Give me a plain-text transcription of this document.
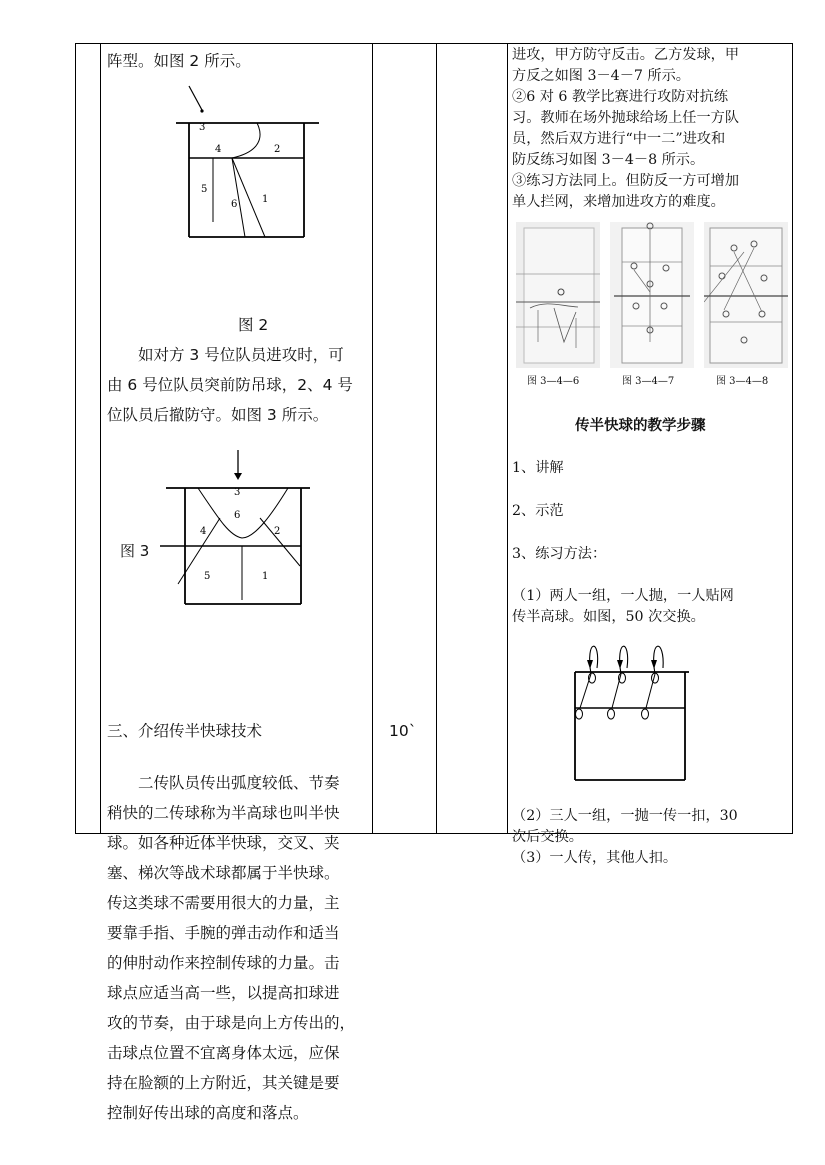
阵型。如图 2 所示。
3
4	2
5
6 1
图 2

如对方 3 号位队员进攻时，可

由 6 号位队员突前防吊球，2、4 号

位队员后撤防守。如图 3 所示。

图 3
3
6
4	2
5	1
三、介绍传半快球技术	10`

二传队员传出弧度较低、节奏

稍快的二传球称为半高球也叫半快

球。如各种近体半快球，交叉、夹

塞、梯次等战术球都属于半快球。

传这类球不需要用很大的力量，主

要靠手指、手腕的弹击动作和适当

的伸肘动作来控制传球的力量。击

球点应适当高一些，以提高扣球进

攻的节奏，由于球是向上方传出的，

击球点位置不宜离身体太远，应保

持在脸额的上方附近，其关键是要

控制好传出球的高度和落点。

进攻，甲方防守反击。乙方发球，甲

方反之如图 3－4－7 所示。

②6 对 6 教学比赛进行攻防对抗练

习。教师在场外抛球给场上任一方队

员，然后双方进行“中一二”进攻和

防反练习如图 3－4－8 所示。

③练习方法同上。但防反一方可增加

单人拦网，来增加进攻方的难度。

图 3—4—6	图 3—4—7	图 3—4—8
传半快球的教学步骤
1、讲解
2、示范
3、练习方法：

（1）两人一组，一人抛，一人贴网

传半高球。如图，50 次交换。

（2）三人一组，一抛一传一扣，30

次后交换。

（3）一人传，其他人扣。
